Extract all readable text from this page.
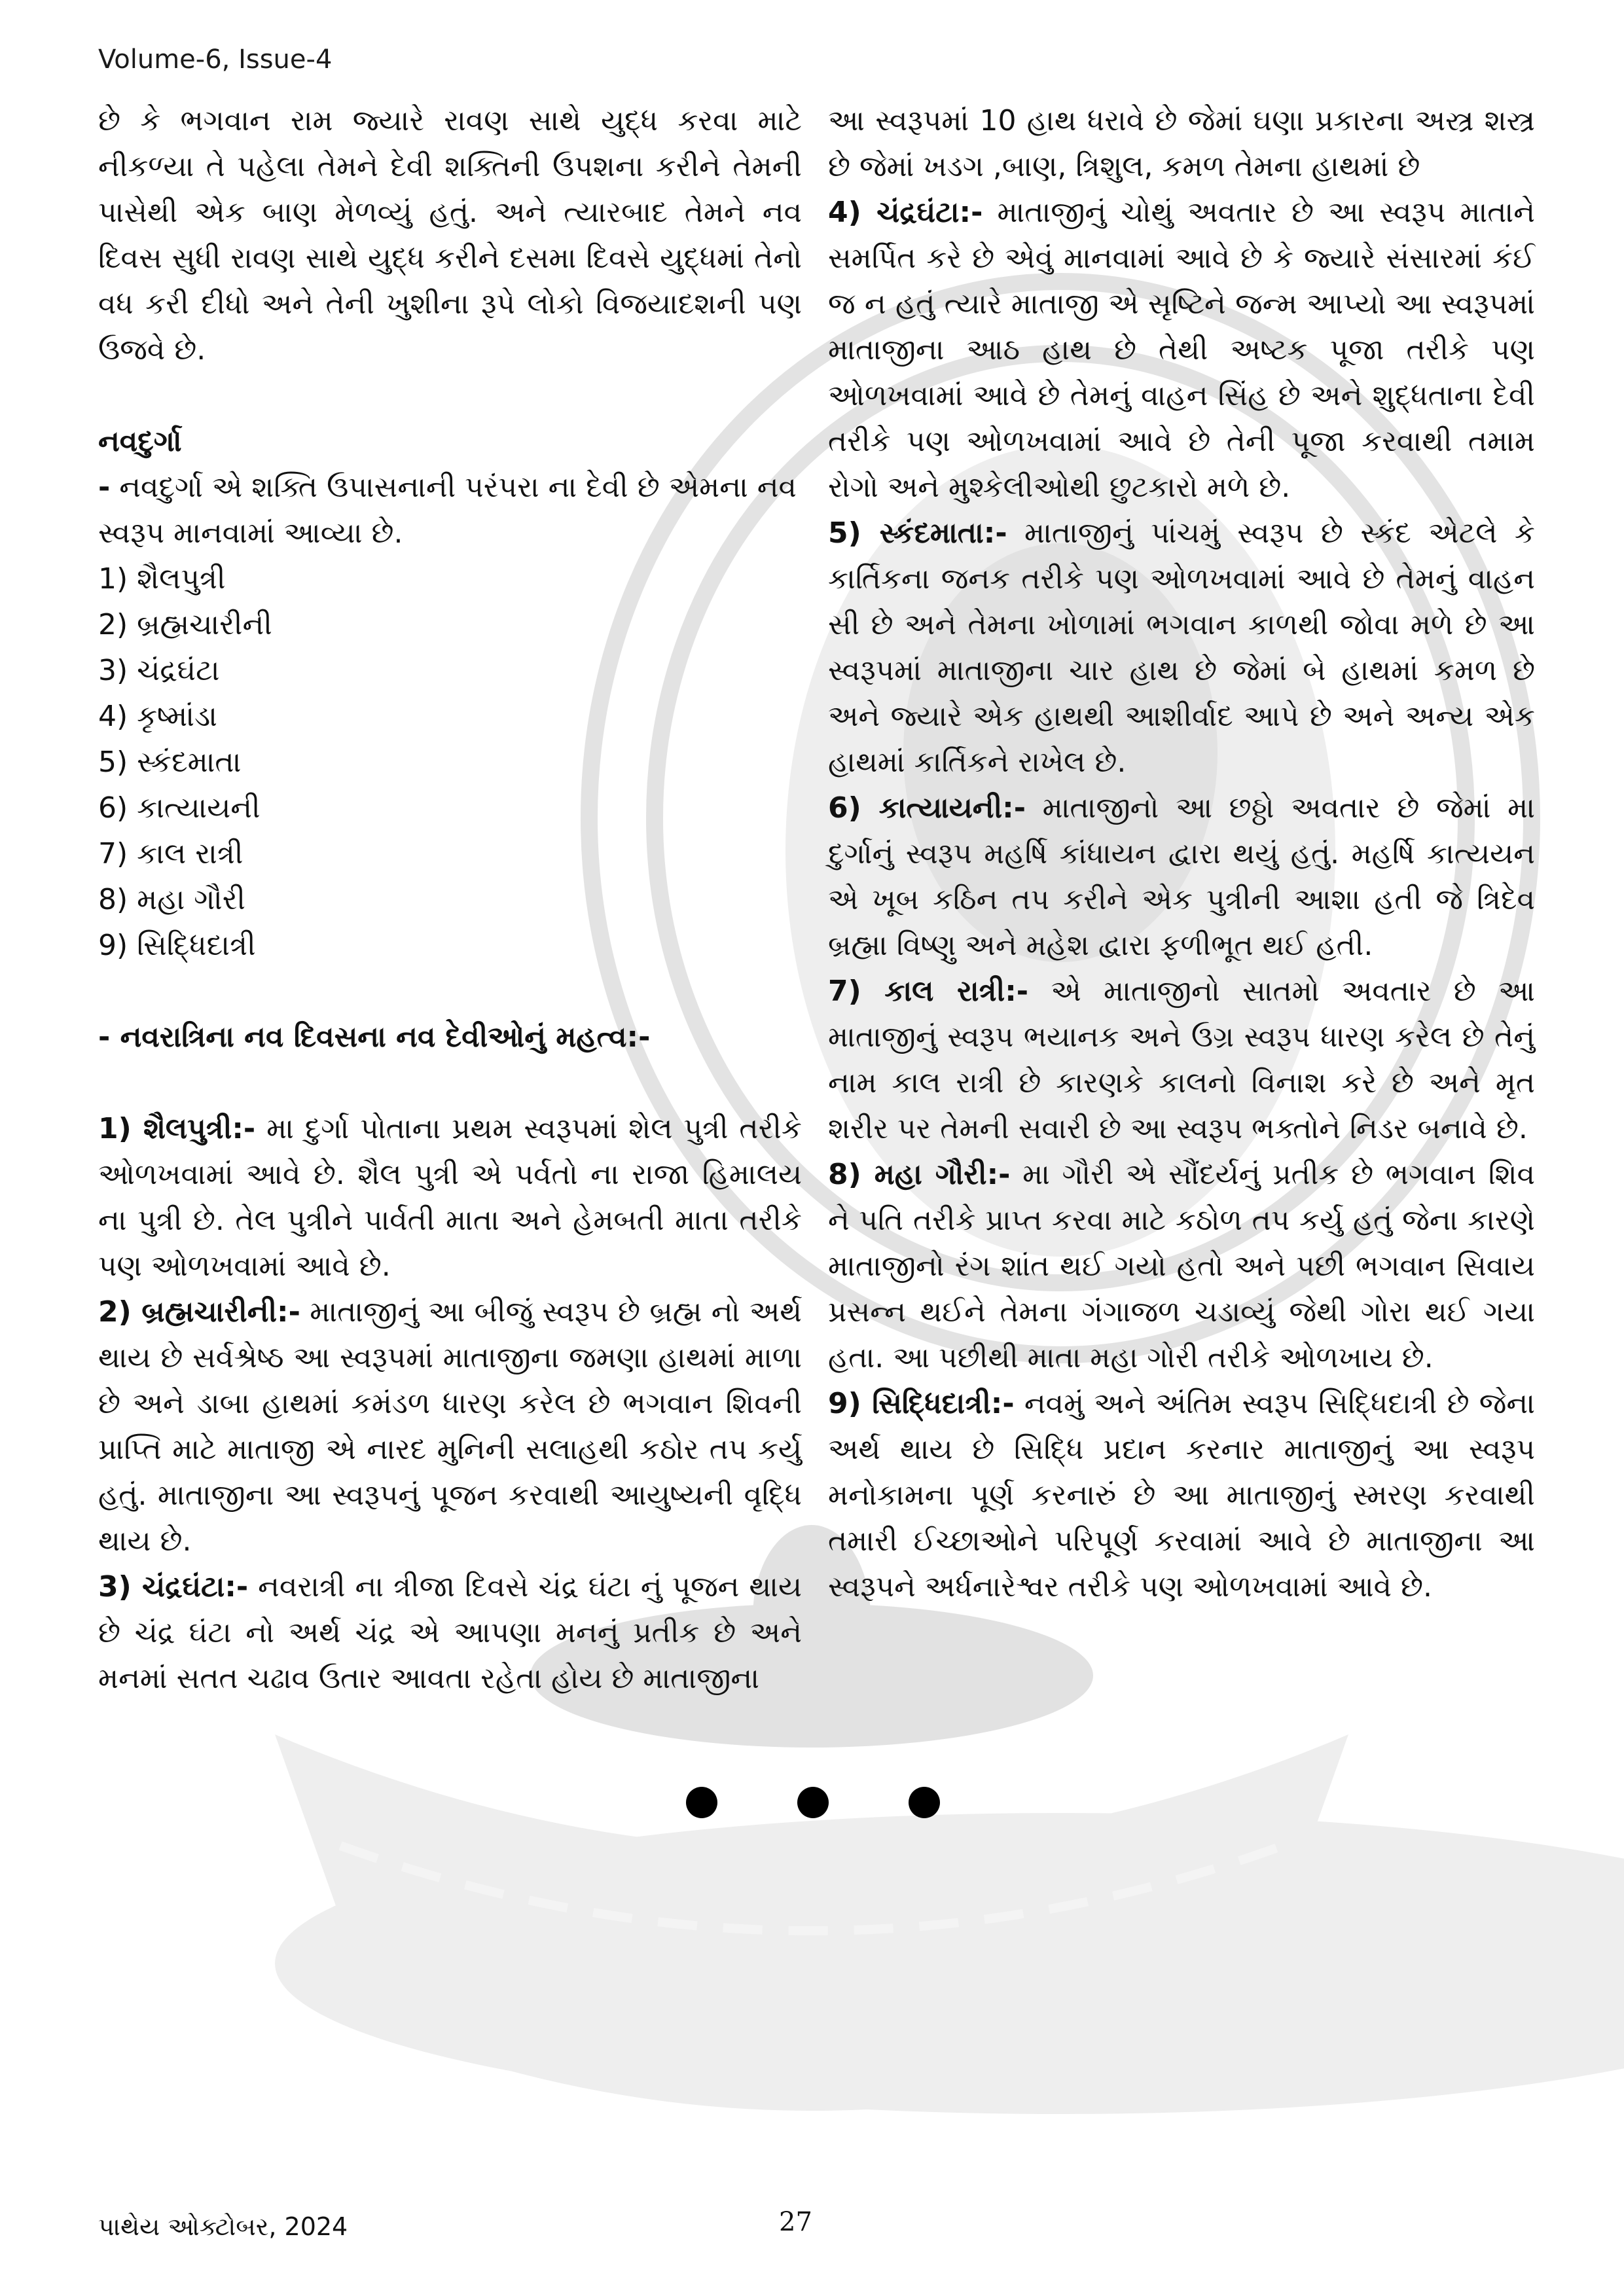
Volume-6, Issue-4

છે કે ભગવાન રામ જ્યારે રાવણ સાથે યુદ્ધ કરવા માટે નીકળ્યા તે પહેલા તેમને દેવી શક્તિની ઉપશના કરીને તેમની પાસેથી એક બાણ મેળવ્યું હતું. અને ત્યારબાદ તેમને નવ દિવસ સુધી રાવણ સાથે યુદ્ધ કરીને દસમા દિવસે યુદ્ધમાં તેનો વધ કરી દીધો અને તેની ખુશીના રૂપે લોકો વિજયાદશની પણ ઉજવે છે.

નવદુર્ગા

- નવદુર્ગા એ શક્તિ ઉપાસનાની પરંપરા ના દેવી છે એમના નવ સ્વરૂપ માનવામાં આવ્યા છે.

1) શૈલપુત્રી

2) બ્રહ્મચારીની

3) ચંદ્રઘંટા

4) કૃષ્માંડા

5) સ્કંદમાતા

6) કાત્યાયની

7) કાલ રાત્રી

8) મહા ગૌરી

9) સિદ્ધિદાત્રી

- નવરાત્રિના નવ દિવસના નવ દેવીઓનું મહત્વ:-

1) શૈલપુત્રી:- મા દુર્ગા પોતાના પ્રથમ સ્વરૂપમાં શેલ પુત્રી તરીકે ઓળખવામાં આવે છે. શૈલ પુત્રી એ પર્વતો ના રાજા હિમાલય ના પુત્રી છે. તેલ પુત્રીને પાર્વતી માતા અને હેમબતી માતા તરીકે પણ ઓળખવામાં આવે છે.

2) બ્રહ્મચારીની:- માતાજીનું આ બીજું સ્વરૂપ છે બ્રહ્મ નો અર્થ થાય છે સર્વશ્રેષ્ઠ આ સ્વરૂપમાં માતાજીના જમણા હાથમાં માળા છે અને ડાબા હાથમાં કમંડળ ધારણ કરેલ છે ભગવાન શિવની પ્રાપ્તિ માટે માતાજી એ નારદ મુનિની સલાહથી કઠોર તપ કર્યુ હતું. માતાજીના આ સ્વરૂપનું પૂજન કરવાથી આયુષ્યની વૃદ્ધિ થાય છે.

3) ચંદ્રઘંટા:- નવરાત્રી ના ત્રીજા દિવસે ચંદ્ર ઘંટા નું પૂજન થાય છે ચંદ્ર ઘંટા નો અર્થ ચંદ્ર એ આપણા મનનું પ્રતીક છે અને મનમાં સતત ચઢાવ ઉતાર આવતા રહેતા હોય છે માતાજીના

આ સ્વરૂપમાં 10 હાથ ધરાવે છે જેમાં ઘણા પ્રકારના અસ્ત્ર શસ્ત્ર છે જેમાં ખડગ ,બાણ, ત્રિશુલ, કમળ તેમના હાથમાં છે

4) ચંદ્રઘંટા:- માતાજીનું ચોથું અવતાર છે આ સ્વરૂપ માતાને સમર્પિત કરે છે એવું માનવામાં આવે છે કે જ્યારે સંસારમાં કંઈ જ ન હતું ત્યારે માતાજી એ સૃષ્ટિને જન્મ આપ્યો આ સ્વરૂપમાં માતાજીના આઠ હાથ છે તેથી અષ્ટક પૂજા તરીકે પણ ઓળખવામાં આવે છે તેમનું વાહન સિંહ છે અને શુદ્ધતાના દેવી તરીકે પણ ઓળખવામાં આવે છે તેની પૂજા કરવાથી તમામ રોગો અને મુશ્કેલીઓથી છુટકારો મળે છે.

5) સ્કંદમાતા:- માતાજીનું પાંચમું સ્વરૂપ છે સ્કંદ એટલે કે કાર્તિકના જનક તરીકે પણ ઓળખવામાં આવે છે તેમનું વાહન સી છે અને તેમના ખોળામાં ભગવાન કાળથી જોવા મળે છે આ સ્વરૂપમાં માતાજીના ચાર હાથ છે જેમાં બે હાથમાં કમળ છે અને જ્યારે એક હાથથી આશીર્વાદ આપે છે અને અન્ય એક હાથમાં કાર્તિકને રાખેલ છે.

6) કાત્યાયની:- માતાજીનો આ છઠ્ઠો અવતાર છે જેમાં મા દુર્ગાનું સ્વરૂપ મહર્ષિ કાંધાયન દ્વારા થયું હતું. મહર્ષિ કાત્યયન એ ખૂબ કઠિન તપ કરીને એક પુત્રીની આશા હતી જે ત્રિદેવ બ્રહ્મા વિષ્ણુ અને મહેશ દ્વારા ફળીભૂત થઈ હતી.

7) કાલ રાત્રી:- એ માતાજીનો સાતમો અવતાર છે આ માતાજીનું સ્વરૂપ ભયાનક અને ઉગ્ર સ્વરૂપ ધારણ કરેલ છે તેનું નામ કાલ રાત્રી છે કારણકે કાલનો વિનાશ કરે છે અને મૃત શરીર પર તેમની સવારી છે આ સ્વરૂપ ભક્તોને નિડર બનાવે છે.

8) મહા ગૌરી:- મા ગૌરી એ સૌંદર્યનું પ્રતીક છે ભગવાન શિવ ને પતિ તરીકે પ્રાપ્ત કરવા માટે કઠોળ તપ કર્યુ હતું જેના કારણે માતાજીનો રંગ શાંત થઈ ગયો હતો અને પછી ભગવાન સિવાય પ્રસન્ન થઈને તેમના ગંગાજળ ચડાવ્યું જેથી ગોરા થઈ ગયા હતા. આ પછીથી માતા મહા ગોરી તરીકે ઓળખાય છે.

9) સિદ્ધિદાત્રી:- નવમું અને અંતિમ સ્વરૂપ સિદ્ધિદાત્રી છે જેના અર્થ થાય છે સિદ્ધિ પ્રદાન કરનાર માતાજીનું આ સ્વરૂપ મનોકામના પૂર્ણ કરનારું છે આ માતાજીનું સ્મરણ કરવાથી તમારી ઈચ્છાઓને પરિપૂર્ણ કરવામાં આવે છે માતાજીના આ સ્વરૂપને અર્ધનારેશ્વર તરીકે પણ ઓળખવામાં આવે છે.

પાથેય ઓક્ટોબર, 2024	27
